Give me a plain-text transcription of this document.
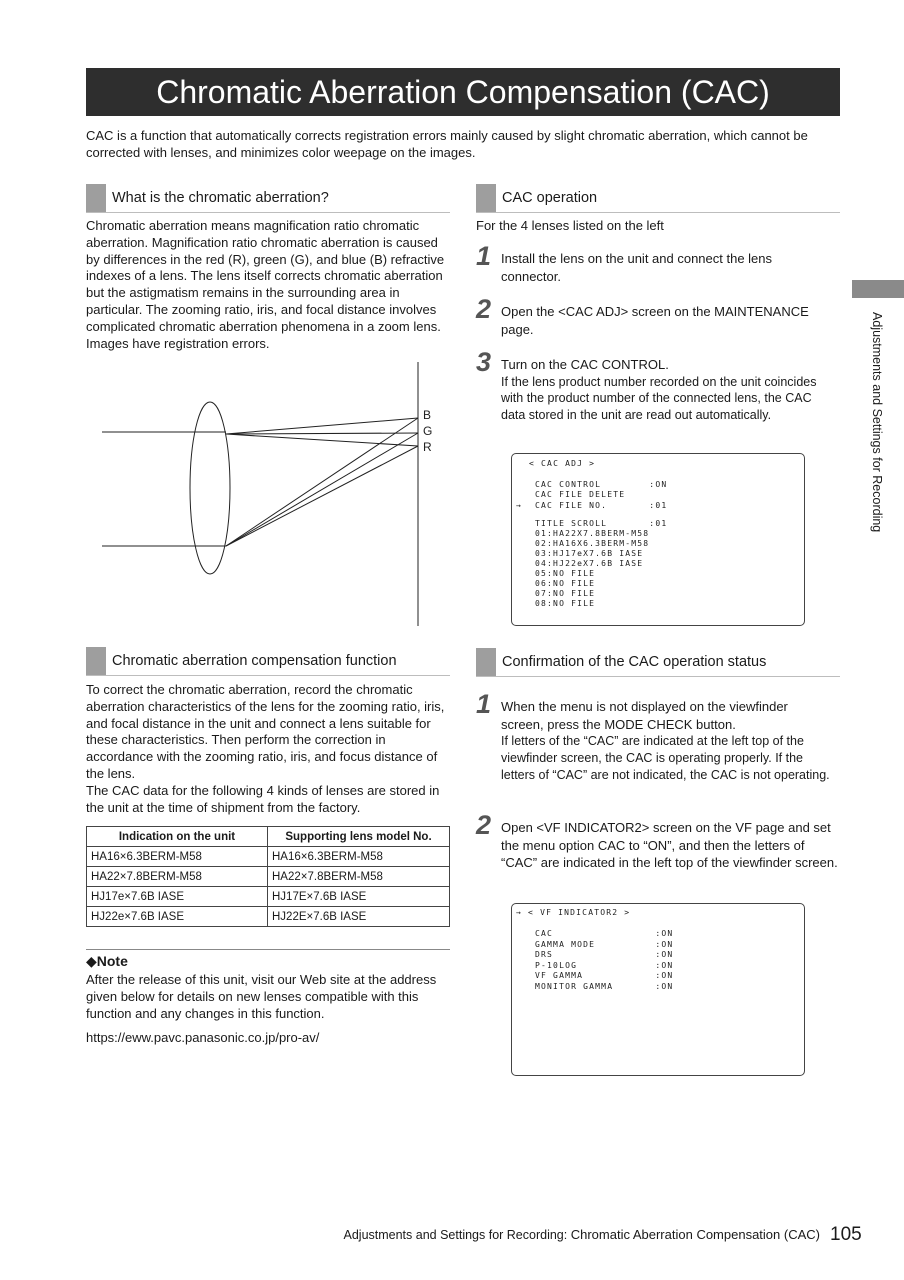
Chromatic Aberration Compensation (CAC)
CAC is a function that automatically corrects registration errors mainly caused by slight chromatic aberration, which cannot be corrected with lenses, and minimizes color weepage on the images.
What is the chromatic aberration?
Chromatic aberration means magnification ratio chromatic aberration. Magnification ratio chromatic aberration is caused by differences in the red (R), green (G), and blue (B) refractive indexes of a lens. The lens itself corrects chromatic aberration but the astigmatism remains in the surrounding area in particular. The zooming ratio, iris, and focal distance involves complicated chromatic aberration phenomena in a zoom lens. Images have registration errors.
B
G
R
Chromatic aberration compensation function
To correct the chromatic aberration, record the chromatic aberration characteristics of the lens for the zooming ratio, iris, and focal distance in the unit and connect a lens suitable for these characteristics. Then perform the correction in accordance with the zooming ratio, iris, and focus distance of the lens.
The CAC data for the following 4 kinds of lenses are stored in the unit at the time of shipment from the factory.
Indication on the unit	Supporting lens model No.
HA16×6.3BERM-M58	HA16×6.3BERM-M58
HA22×7.8BERM-M58	HA22×7.8BERM-M58
HJ17e×7.6B IASE	HJ17E×7.6B IASE
HJ22e×7.6B IASE	HJ22E×7.6B IASE
◆Note
After the release of this unit, visit our Web site at the address given below for details on new lenses compatible with this function and any changes in this function.
https://eww.pavc.panasonic.co.jp/pro-av/
CAC operation
For the 4 lenses listed on the left
1 Install the lens on the unit and connect the lens connector.
2 Open the <CAC ADJ> screen on the MAINTENANCE page.
3 Turn on the CAC CONTROL.
If the lens product number recorded on the unit coincides with the product number of the connected lens, the CAC data stored in the unit are read out automatically.
< CAC ADJ >
→
CAC CONTROL        :ON
CAC FILE DELETE
CAC FILE NO.       :01
TITLE SCROLL       :01
01:HA22X7.8BERM-M58
02:HA16X6.3BERM-M58
03:HJ17eX7.6B IASE
04:HJ22eX7.6B IASE
05:NO FILE
06:NO FILE
07:NO FILE
08:NO FILE
Confirmation of the CAC operation status
1 When the menu is not displayed on the viewfinder screen, press the MODE CHECK button.
If letters of the “CAC” are indicated at the left top of the viewfinder screen, the CAC is operating properly. If the letters of “CAC” are not indicated, the CAC is not operating.
2 Open <VF INDICATOR2> screen on the VF page and set the menu option CAC to “ON”, and then the letters of “CAC” are indicated in the left top of the viewfinder screen.
→ < VF INDICATOR2 >
CAC                 :ON
GAMMA MODE          :ON
DRS                 :ON
P-10LOG             :ON
VF GAMMA            :ON
MONITOR GAMMA       :ON
Adjustments and Settings for Recording
Adjustments and Settings for Recording: Chromatic Aberration Compensation (CAC) 105
